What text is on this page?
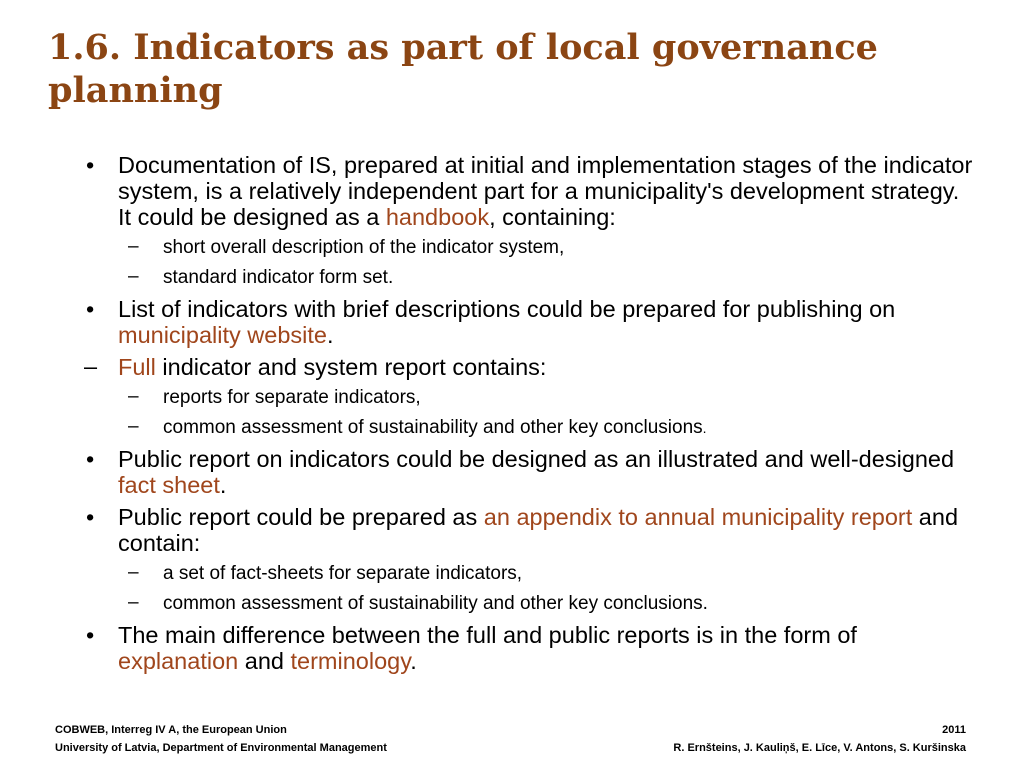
1.6. Indicators as part of local governance planning
• Documentation of IS, prepared at initial and implementation stages of the indicator system, is a relatively independent part for a municipality's development strategy. It could be designed as a handbook, containing:
– short overall description of the indicator system,
– standard indicator form set.
• List of indicators with brief descriptions could be prepared for publishing on municipality website.
– Full indicator and system report contains:
– reports for separate indicators,
– common assessment of sustainability and other key conclusions.
• Public report on indicators could be designed as an illustrated and well-designed fact sheet.
• Public report could be prepared as an appendix to annual municipality report and contain:
– a set of fact-sheets for separate indicators,
– common assessment of sustainability and other key conclusions.
• The main difference between the full and public reports is in the form of explanation and terminology.
COBWEB, Interreg IV A, the European Union	2011
University of Latvia, Department of Environmental Management	R. Ernšteins, J. Kauliņš, E. Līce, V. Antons, S. Kuršinska
